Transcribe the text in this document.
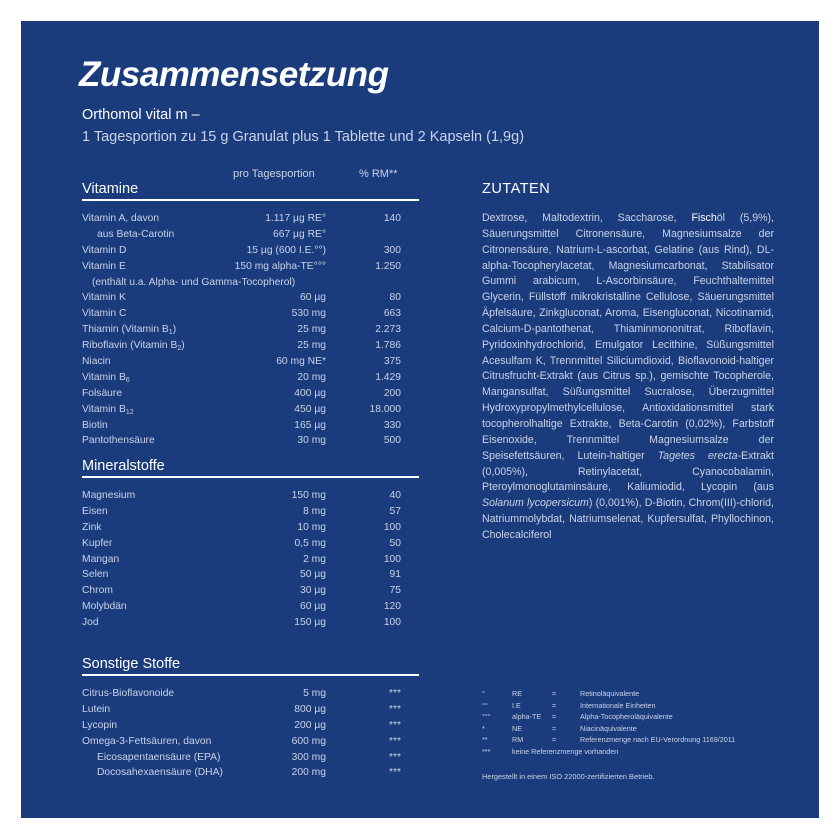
Zusammensetzung
Orthomol vital m –
1 Tagesportion zu 15 g Granulat plus 1 Tablette und 2 Kapseln (1,9g)
pro Tagesportion	% RM**
Vitamine
Vitamin A, davon	1.117 µg RE°	140
aus Beta-Carotin	667 µg RE°
Vitamin D	15 µg (600 I.E.°°)	300
Vitamin E	150 mg alpha-TE°°°	1.250
(enthält u.a. Alpha- und Gamma-Tocopherol)
Vitamin K	60 µg	80
Vitamin C	530 mg	663
Thiamin (Vitamin B1)	25 mg	2.273
Riboflavin (Vitamin B2)	25 mg	1.786
Niacin	60 mg NE*	375
Vitamin B6	20 mg	1.429
Folsäure	400 µg	200
Vitamin B12	450 µg	18.000
Biotin	165 µg	330
Pantothensäure	30 mg	500
Mineralstoffe
Magnesium	150 mg	40
Eisen	8 mg	57
Zink	10 mg	100
Kupfer	0,5 mg	50
Mangan	2 mg	100
Selen	50 µg	91
Chrom	30 µg	75
Molybdän	60 µg	120
Jod	150 µg	100
Sonstige Stoffe
Citrus-Bioflavonoide	5 mg	***
Lutein	800 µg	***
Lycopin	200 µg	***
Omega-3-Fettsäuren, davon	600 mg	***
Eicosapentaensäure (EPA)	300 mg	***
Docosahexaensäure (DHA)	200 mg	***
ZUTATEN
Dextrose, Maltodextrin, Saccharose, Fischöl (5,9%), Säuerungsmittel Citronensäure, Magnesiumsalze der Citronensäure, Natrium-L-ascorbat, Gelatine (aus Rind), DL-alpha-Tocopherylacetat, Magnesiumcarbonat, Stabilisator Gummi arabicum, L-Ascorbinsäure, Feuchthaltemittel Glycerin, Füllstoff mikrokristalline Cellulose, Säuerungsmittel Äpfelsäure, Zinkgluconat, Aroma, Eisengluconat, Nicotinamid, Calcium-D-pantothenat, Thiaminmononitrat, Riboflavin, Pyridoxinhydrochlorid, Emulgator Lecithine, Süßungsmittel Acesulfam K, Trennmittel Siliciumdioxid, Bioflavonoid-haltiger Citrusfrucht-Extrakt (aus Citrus sp.), gemischte Tocopherole, Mangansulfat, Süßungsmittel Sucralose, Überzugmittel Hydroxypropylmethylcellulose, Antioxidationsmittel stark tocopherolhaltige Extrakte, Beta-Carotin (0,02%), Farbstoff Eisenoxide, Trennmittel Magnesiumsalze der Speisefettsäuren, Lutein-haltiger Tagetes erecta-Extrakt (0,005%), Retinylacetat, Cyanocobalamin, Pteroylmonoglutaminsäure, Kaliumiodid, Lycopin (aus Solanum lycopersicum) (0,001%), D-Biotin, Chrom(III)-chlorid, Natriummolybdat, Natriumselenat, Kupfersulfat, Phyllochinon, Cholecalciferol
°	RE	=	Retinoläquivalente
°°	I.E	=	Internationale Einheiten
°°°	alpha-TE =	Alpha-Tocopheroläquivalente
*	NE	=	Niacinäquivalente
**	RM	=	Referenzmenge nach EU-Verordnung 1169/2011
***	keine Referenzmenge vorhanden
Hergestellt in einem ISO 22000-zertifizierten Betrieb.
